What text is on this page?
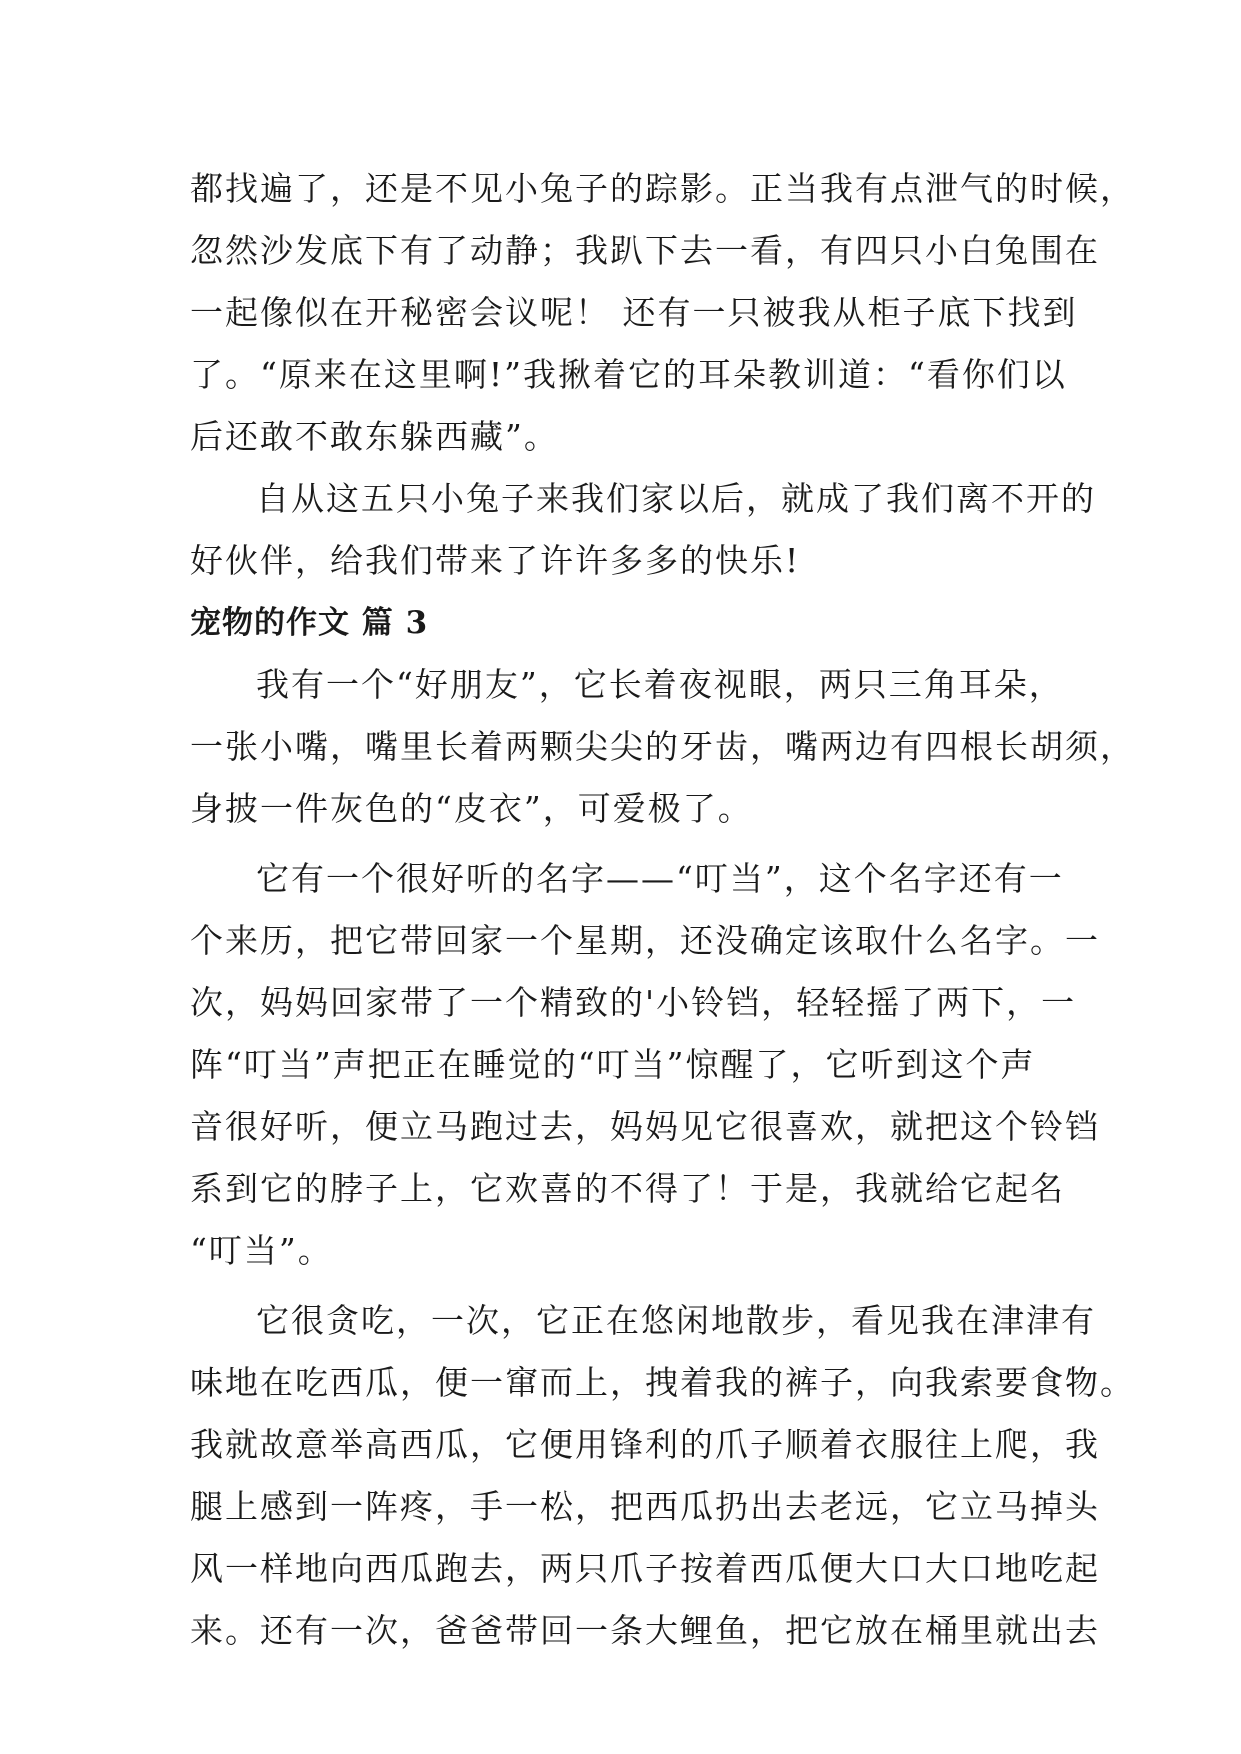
都找遍了，还是不见小兔子的踪影。正当我有点泄气的时候，
忽然沙发底下有了动静；我趴下去一看，有四只小白兔围在
一起像似在开秘密会议呢！ 还有一只被我从柜子底下找到
了。“原来在这里啊!”我揪着它的耳朵教训道：“看你们以
后还敢不敢东躲西藏”。
自从这五只小兔子来我们家以后，就成了我们离不开的
好伙伴，给我们带来了许许多多的快乐!
宠物的作文 篇 3
我有一个“好朋友”，它长着夜视眼，两只三角耳朵，
一张小嘴，嘴里长着两颗尖尖的牙齿，嘴两边有四根长胡须，
身披一件灰色的“皮衣”，可爱极了。
它有一个很好听的名字——“叮当”，这个名字还有一
个来历，把它带回家一个星期，还没确定该取什么名字。一
次，妈妈回家带了一个精致的'小铃铛，轻轻摇了两下，一
阵“叮当”声把正在睡觉的“叮当”惊醒了，它听到这个声
音很好听，便立马跑过去，妈妈见它很喜欢，就把这个铃铛
系到它的脖子上，它欢喜的不得了！于是，我就给它起名
“叮当”。
它很贪吃，一次，它正在悠闲地散步，看见我在津津有
味地在吃西瓜，便一窜而上，拽着我的裤子，向我索要食物。
我就故意举高西瓜，它便用锋利的爪子顺着衣服往上爬，我
腿上感到一阵疼，手一松，把西瓜扔出去老远，它立马掉头
风一样地向西瓜跑去，两只爪子按着西瓜便大口大口地吃起
来。还有一次，爸爸带回一条大鲤鱼，把它放在桶里就出去
